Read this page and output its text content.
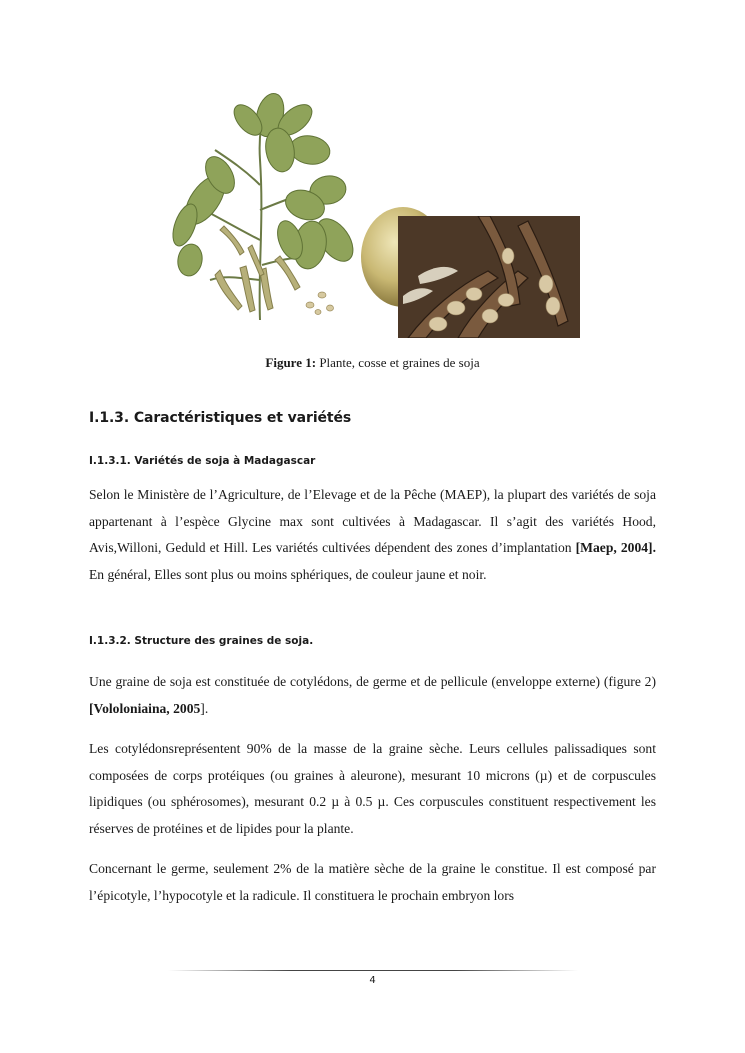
Figure 1: Plante, cosse et graines de soja
I.1.3. Caractéristiques et variétés
I.1.3.1. Variétés de soja à Madagascar

Selon le Ministère de l’Agriculture, de l’Elevage et de la Pêche (MAEP), la plupart des variétés de soja appartenant à l’espèce Glycine max sont cultivées à Madagascar. Il s’agit des variétés Hood, Avis,Willoni, Geduld et Hill. Les variétés cultivées dépendent des zones d’implantation [Maep, 2004]. En général, Elles sont plus ou moins sphériques, de couleur jaune et noir.

I.1.3.2. Structure des graines de soja.

Une graine de soja est constituée de cotylédons, de germe et de pellicule (enveloppe externe) (figure 2) [Vololoniaina, 2005].

Les cotylédonsreprésentent 90% de la masse de la graine sèche. Leurs cellules palissadiques sont composées de corps protéiques (ou graines à aleurone), mesurant 10 microns (µ) et de corpuscules lipidiques (ou sphérosomes), mesurant 0.2 µ à 0.5 µ. Ces corpuscules constituent respectivement les réserves de protéines et de lipides pour la plante.

Concernant le germe, seulement 2% de la matière sèche de la graine le constitue. Il est composé par l’épicotyle, l’hypocotyle et la radicule. Il constituera le prochain embryon lors

4
